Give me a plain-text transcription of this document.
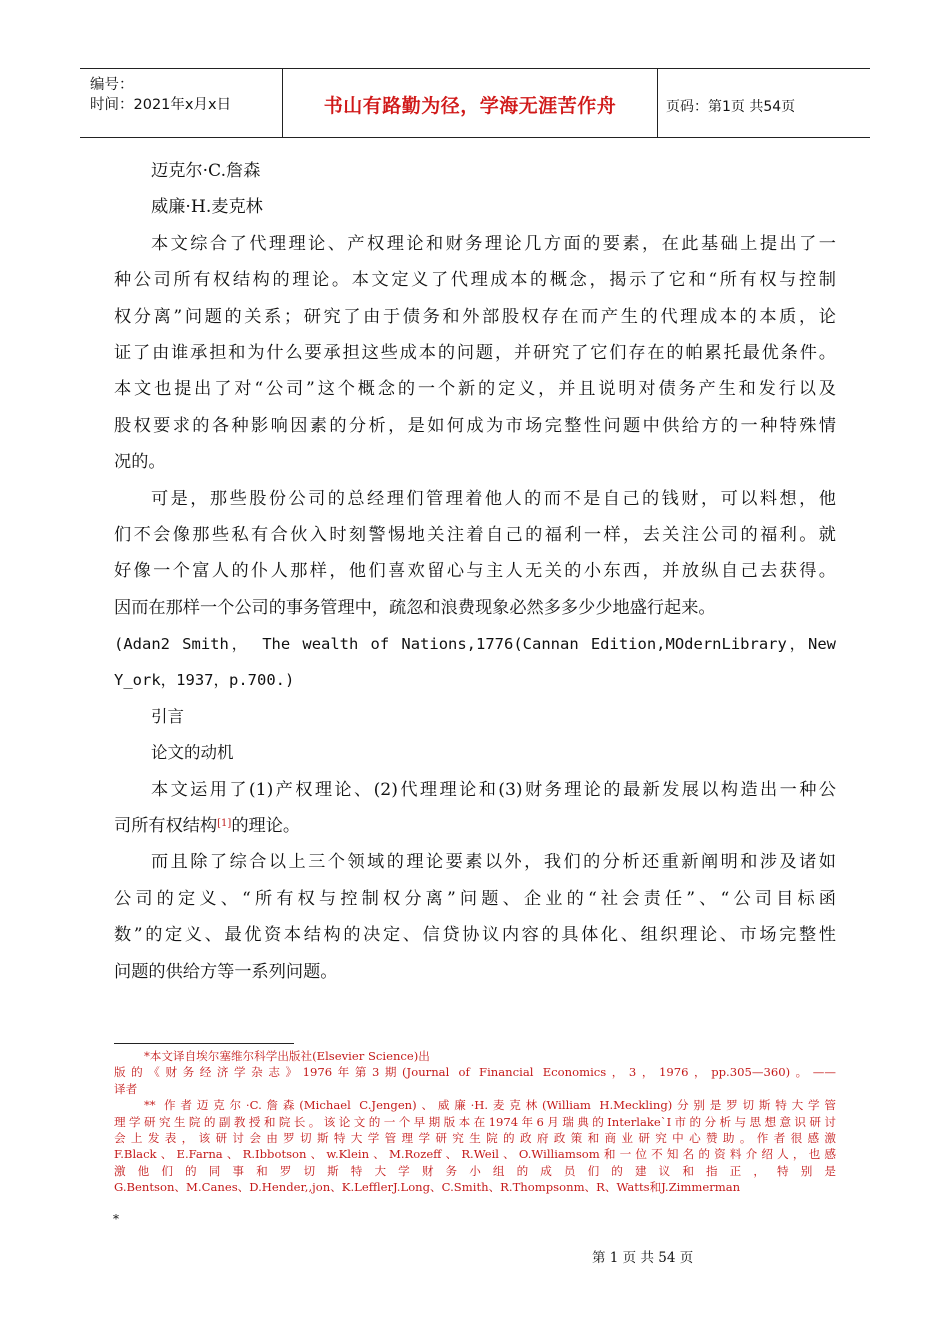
编号：
时间：2021年x月x日	书山有路勤为径，学海无涯苦作舟	页码：第1页 共54页
迈克尔·C.詹森
威廉·H.麦克林
本文综合了代理理论、产权理论和财务理论几方面的要素，在此基础上提出了一
种公司所有权结构的理论。本文定义了代理成本的概念，揭示了它和“所有权与控制
权分离”问题的关系；研究了由于债务和外部股权存在而产生的代理成本的本质，论
证了由谁承担和为什么要承担这些成本的问题，并研究了它们存在的帕累托最优条件。
本文也提出了对“公司”这个概念的一个新的定义，并且说明对债务产生和发行以及
股权要求的各种影响因素的分析，是如何成为市场完整性问题中供给方的一种特殊情
况的。
可是，那些股份公司的总经理们管理着他人的而不是自己的钱财，可以料想，他
们不会像那些私有合伙入时刻警惕地关注着自己的福利一样，去关注公司的福利。就
好像一个富人的仆人那样，他们喜欢留心与主人无关的小东西，并放纵自己去获得。
因而在那样一个公司的事务管理中，疏忽和浪费现象必然多多少少地盛行起来。
(Adan2 Smith， The wealth of Nations,1776(Cannan Edition,MOdernLibrary，New
Y_ork，1937，p.700.)
引言
论文的动机
本文运用了(1)产权理论、(2)代理理论和(3)财务理论的最新发展以构造出一种公
司所有权结构[1]的理论。
而且除了综合以上三个领域的理论要素以外，我们的分析还重新阐明和涉及诸如
公司的定义、“所有权与控制权分离”问题、企业的“社会责任”、“公司目标函
数”的定义、最优资本结构的决定、信贷协议内容的具体化、组织理论、市场完整性
问题的供给方等一系列问题。
*本文译自埃尔塞维尔科学出版社(Elsevier Science)出
版的《财务经济学杂志》1976年第3期(Journal of Financial Economics，3，1976，pp.305—360)。——
译者
** 作者迈克尔·C.詹森(Michael C.Jengen)、威廉·H.麦克林(William H.Meckling)分别是罗切斯特大学管
理学研究生院的副教授和院长。该论文的一个早期版本在1974年6月瑞典的Interlake`I市的分析与思想意识研讨
会上发表，该研讨会由罗切斯特大学管理学研究生院的政府政策和商业研究中心赞助。作者很感激
F.Black、E.Farna、R.Ibbotson、w.Klein、M.Rozeff、R.Weil、O.Williamsom和一位不知名的资料介绍人，也感
激 他 们 的 同 事 和 罗 切 斯 特 大 学 财 务 小 组 的 成 员 们 的 建 议 和 指 正 ， 特 别 是
G.Bentson、M.Canes、D.Hender,,jon、K.LefflerJ.Long、C.Smith、R.Thompsonm、R、Watts和J.Zimmerman
*
第 1 页 共 54 页
